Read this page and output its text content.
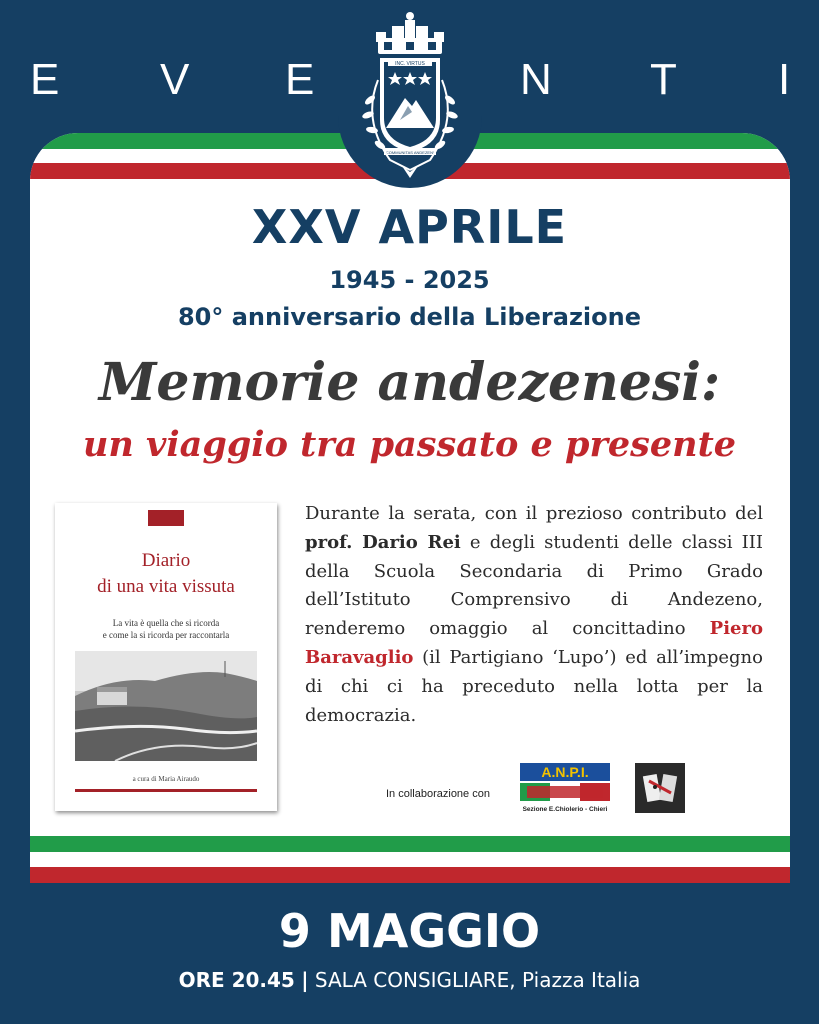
E V E	N T I
INC. VIRTUS
COMMUNITAS ANDEZENI
XXV APRILE
1945 - 2025
80° anniversario della Liberazione
Memorie andezenesi:
un viaggio tra passato e presente
Diario
di una vita vissuta
La vita è quella che si ricorda
e come la si ricorda per raccontarla
a cura di Maria Airaudo
Durante la serata, con il prezioso contributo del prof. Dario Rei e degli studenti delle classi III della Scuola Secondaria di Primo Grado dell’Istituto Comprensivo di Andezeno, renderemo omaggio al concittadino Piero Baravaglio (il Partigiano ‘Lupo’) ed all’impegno di chi ci ha preceduto nella lotta per la democrazia.
In collaborazione con
A.N.P.I.
Sezione E.Chiolerio - Chieri
9 MAGGIO
ORE 20.45 | SALA CONSIGLIARE, Piazza Italia
